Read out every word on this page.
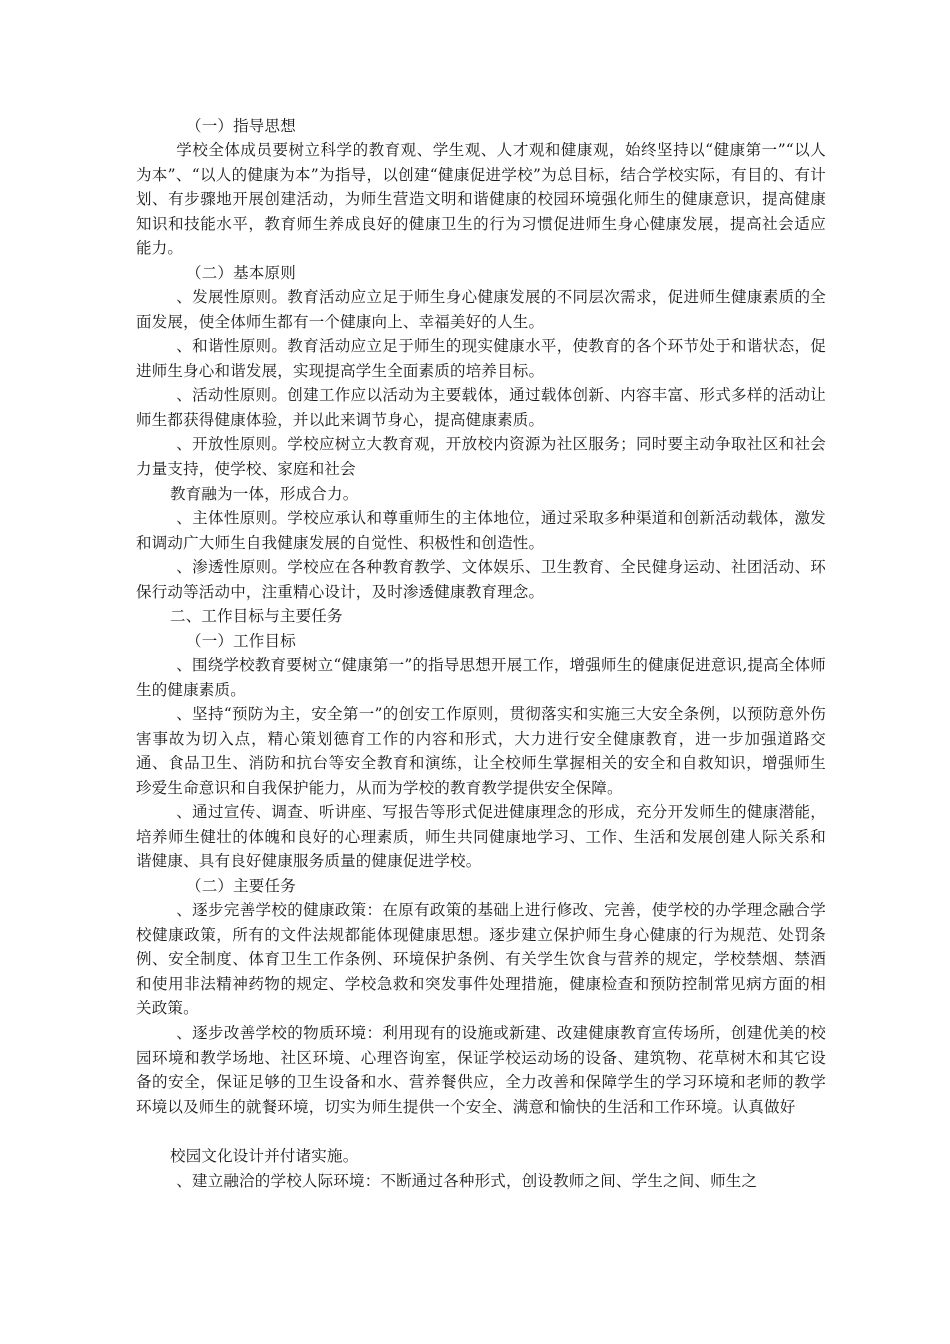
（一）指导思想

学校全体成员要树立科学的教育观、学生观、人才观和健康观，始终坚持以“健康第一”“以人为本”、“以人的健康为本”为指导，以创建“健康促进学校”为总目标，结合学校实际，有目的、有计划、有步骤地开展创建活动，为师生营造文明和谐健康的校园环境强化师生的健康意识，提高健康知识和技能水平，教育师生养成良好的健康卫生的行为习惯促进师生身心健康发展，提高社会适应能力。

（二）基本原则

、发展性原则。教育活动应立足于师生身心健康发展的不同层次需求，促进师生健康素质的全面发展，使全体师生都有一个健康向上、幸福美好的人生。

、和谐性原则。教育活动应立足于师生的现实健康水平，使教育的各个环节处于和谐状态，促进师生身心和谐发展，实现提高学生全面素质的培养目标。

、活动性原则。创建工作应以活动为主要载体，通过载体创新、内容丰富、形式多样的活动让师生都获得健康体验，并以此来调节身心，提高健康素质。

、开放性原则。学校应树立大教育观，开放校内资源为社区服务；同时要主动争取社区和社会力量支持，使学校、家庭和社会

教育融为一体，形成合力。

、主体性原则。学校应承认和尊重师生的主体地位，通过采取多种渠道和创新活动载体，激发和调动广大师生自我健康发展的自觉性、积极性和创造性。

、渗透性原则。学校应在各种教育教学、文体娱乐、卫生教育、全民健身运动、社团活动、环保行动等活动中，注重精心设计，及时渗透健康教育理念。

二、工作目标与主要任务

（一）工作目标

、围绕学校教育要树立“健康第一”的指导思想开展工作，增强师生的健康促进意识,提高全体师生的健康素质。

、坚持“预防为主，安全第一”的创安工作原则，贯彻落实和实施三大安全条例，以预防意外伤害事故为切入点，精心策划德育工作的内容和形式，大力进行安全健康教育，进一步加强道路交通、食品卫生、消防和抗台等安全教育和演练，让全校师生掌握相关的安全和自救知识，增强师生珍爱生命意识和自我保护能力，从而为学校的教育教学提供安全保障。

、通过宣传、调查、听讲座、写报告等形式促进健康理念的形成，充分开发师生的健康潜能，培养师生健壮的体魄和良好的心理素质，师生共同健康地学习、工作、生活和发展创建人际关系和谐健康、具有良好健康服务质量的健康促进学校。

（二）主要任务

、逐步完善学校的健康政策：在原有政策的基础上进行修改、完善，使学校的办学理念融合学校健康政策，所有的文件法规都能体现健康思想。逐步建立保护师生身心健康的行为规范、处罚条例、安全制度、体育卫生工作条例、环境保护条例、有关学生饮食与营养的规定，学校禁烟、禁酒和使用非法精神药物的规定、学校急救和突发事件处理措施，健康检查和预防控制常见病方面的相关政策。

、逐步改善学校的物质环境：利用现有的设施或新建、改建健康教育宣传场所，创建优美的校园环境和教学场地、社区环境、心理咨询室，保证学校运动场的设备、建筑物、花草树木和其它设备的安全，保证足够的卫生设备和水、营养餐供应，全力改善和保障学生的学习环境和老师的教学环境以及师生的就餐环境，切实为师生提供一个安全、满意和愉快的生活和工作环境。认真做好

校园文化设计并付诸实施。

、建立融洽的学校人际环境：不断通过各种形式，创设教师之间、学生之间、师生之
